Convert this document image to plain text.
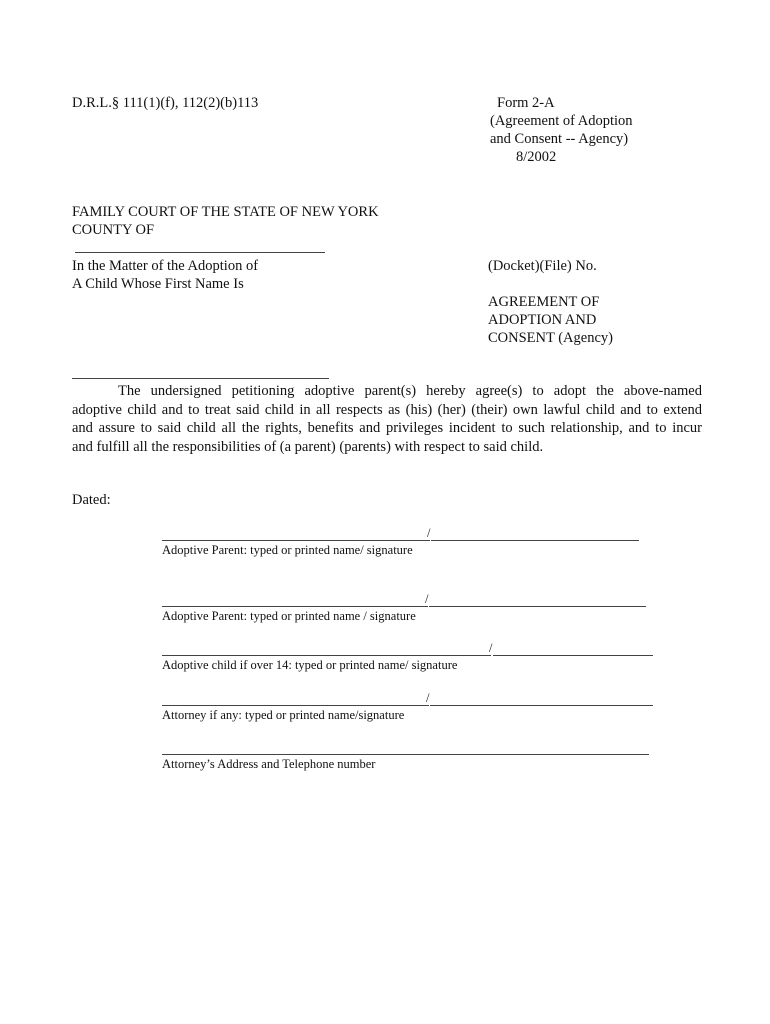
D.R.L.§ 111(1)(f), 112(2)(b)113	Form 2-A
(Agreement of Adoption
and Consent -- Agency)
8/2002
FAMILY COURT OF THE STATE OF NEW YORK
COUNTY OF
In the Matter of the Adoption of
A Child Whose First Name Is
(Docket)(File) No.
AGREEMENT OF
ADOPTION AND
CONSENT (Agency)
The undersigned petitioning adoptive parent(s) hereby agree(s) to adopt the above-named
adoptive child and to treat said child in all respects as (his) (her) (their) own lawful child and to extend
and assure to said child all the rights, benefits and privileges incident to such relationship, and to incur
and fulfill all the responsibilities of (a parent) (parents) with respect to said child.
Dated:
/
Adoptive Parent: typed or printed name/ signature
/
Adoptive Parent: typed or printed name / signature
/
Adoptive child if over 14: typed or printed name/ signature
/
Attorney if any: typed or printed name/signature
Attorney’s Address and Telephone number
